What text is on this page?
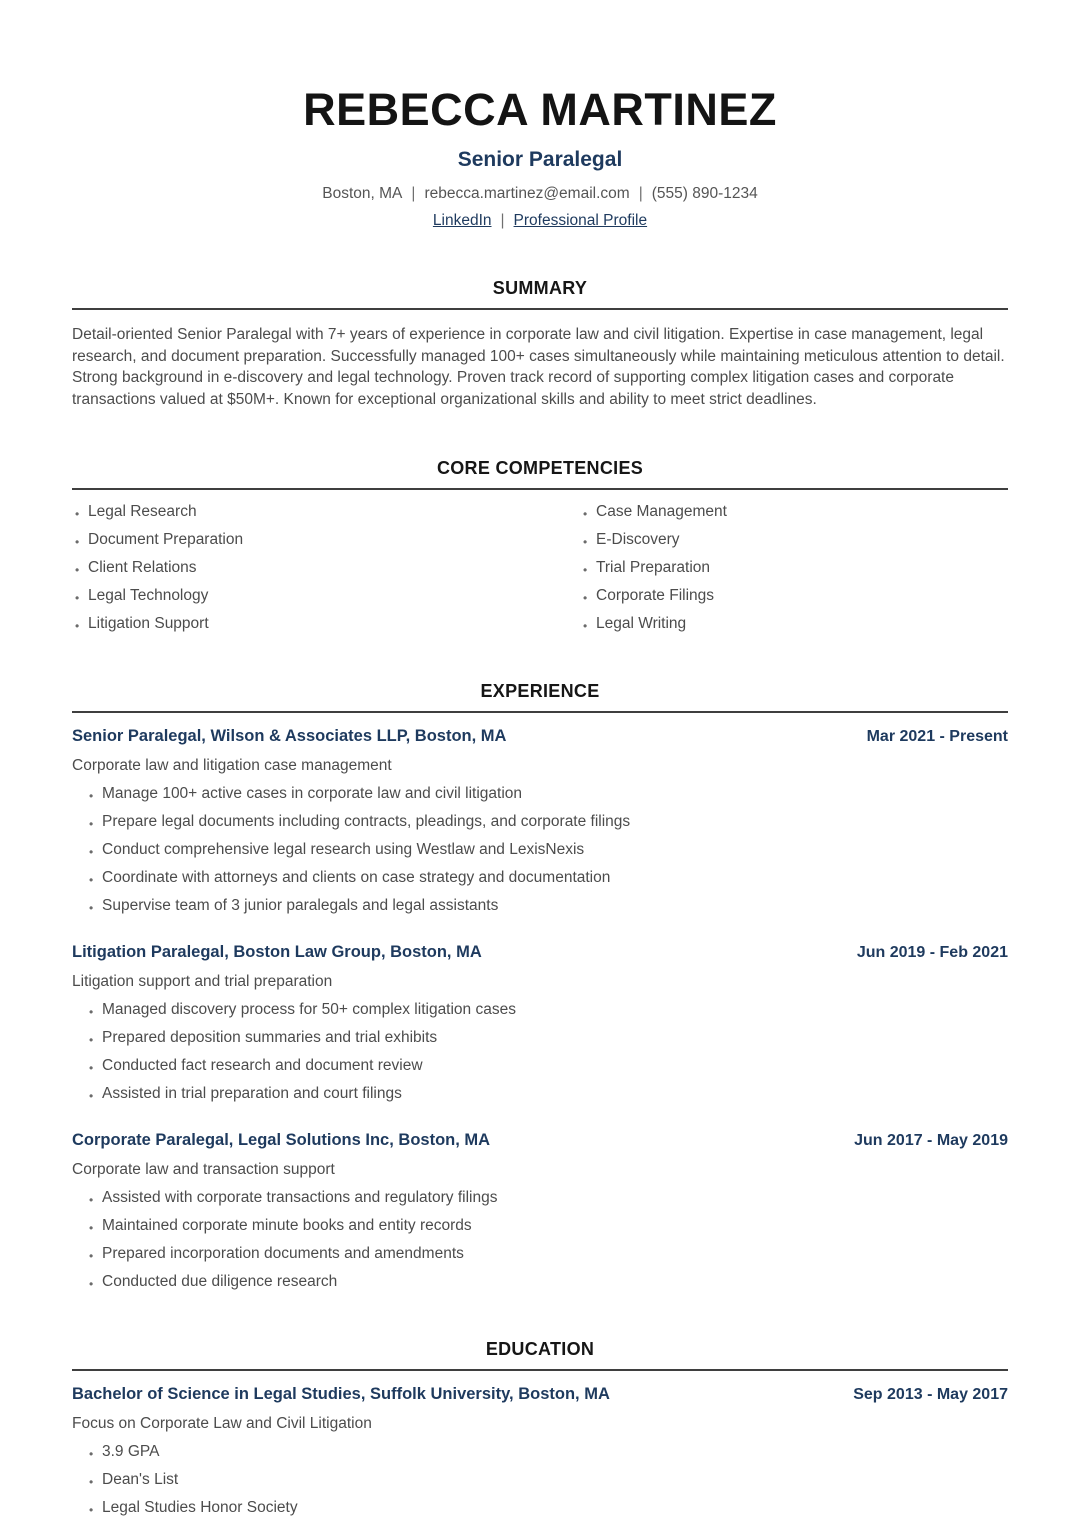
REBECCA MARTINEZ
Senior Paralegal
Boston, MA | rebecca.martinez@email.com | (555) 890-1234
LinkedIn | Professional Profile
SUMMARY

Detail-oriented Senior Paralegal with 7+ years of experience in corporate law and civil litigation. Expertise in case management, legal research, and document preparation. Successfully managed 100+ cases simultaneously while maintaining meticulous attention to detail. Strong background in e-discovery and legal technology. Proven track record of supporting complex litigation cases and corporate transactions valued at $50M+. Known for exceptional organizational skills and ability to meet strict deadlines.

CORE COMPETENCIES
• Legal Research
• Document Preparation
• Client Relations
• Legal Technology
• Litigation Support
• Case Management
• E-Discovery
• Trial Preparation
• Corporate Filings
• Legal Writing
EXPERIENCE
Senior Paralegal, Wilson & Associates LLP, Boston, MA	Mar 2021 - Present
Corporate law and litigation case management
• Manage 100+ active cases in corporate law and civil litigation
• Prepare legal documents including contracts, pleadings, and corporate filings
• Conduct comprehensive legal research using Westlaw and LexisNexis
• Coordinate with attorneys and clients on case strategy and documentation
• Supervise team of 3 junior paralegals and legal assistants
Litigation Paralegal, Boston Law Group, Boston, MA	Jun 2019 - Feb 2021
Litigation support and trial preparation
• Managed discovery process for 50+ complex litigation cases
• Prepared deposition summaries and trial exhibits
• Conducted fact research and document review
• Assisted in trial preparation and court filings
Corporate Paralegal, Legal Solutions Inc, Boston, MA	Jun 2017 - May 2019
Corporate law and transaction support
• Assisted with corporate transactions and regulatory filings
• Maintained corporate minute books and entity records
• Prepared incorporation documents and amendments
• Conducted due diligence research
EDUCATION
Bachelor of Science in Legal Studies, Suffolk University, Boston, MA	Sep 2013 - May 2017
Focus on Corporate Law and Civil Litigation
• 3.9 GPA
• Dean's List
• Legal Studies Honor Society
